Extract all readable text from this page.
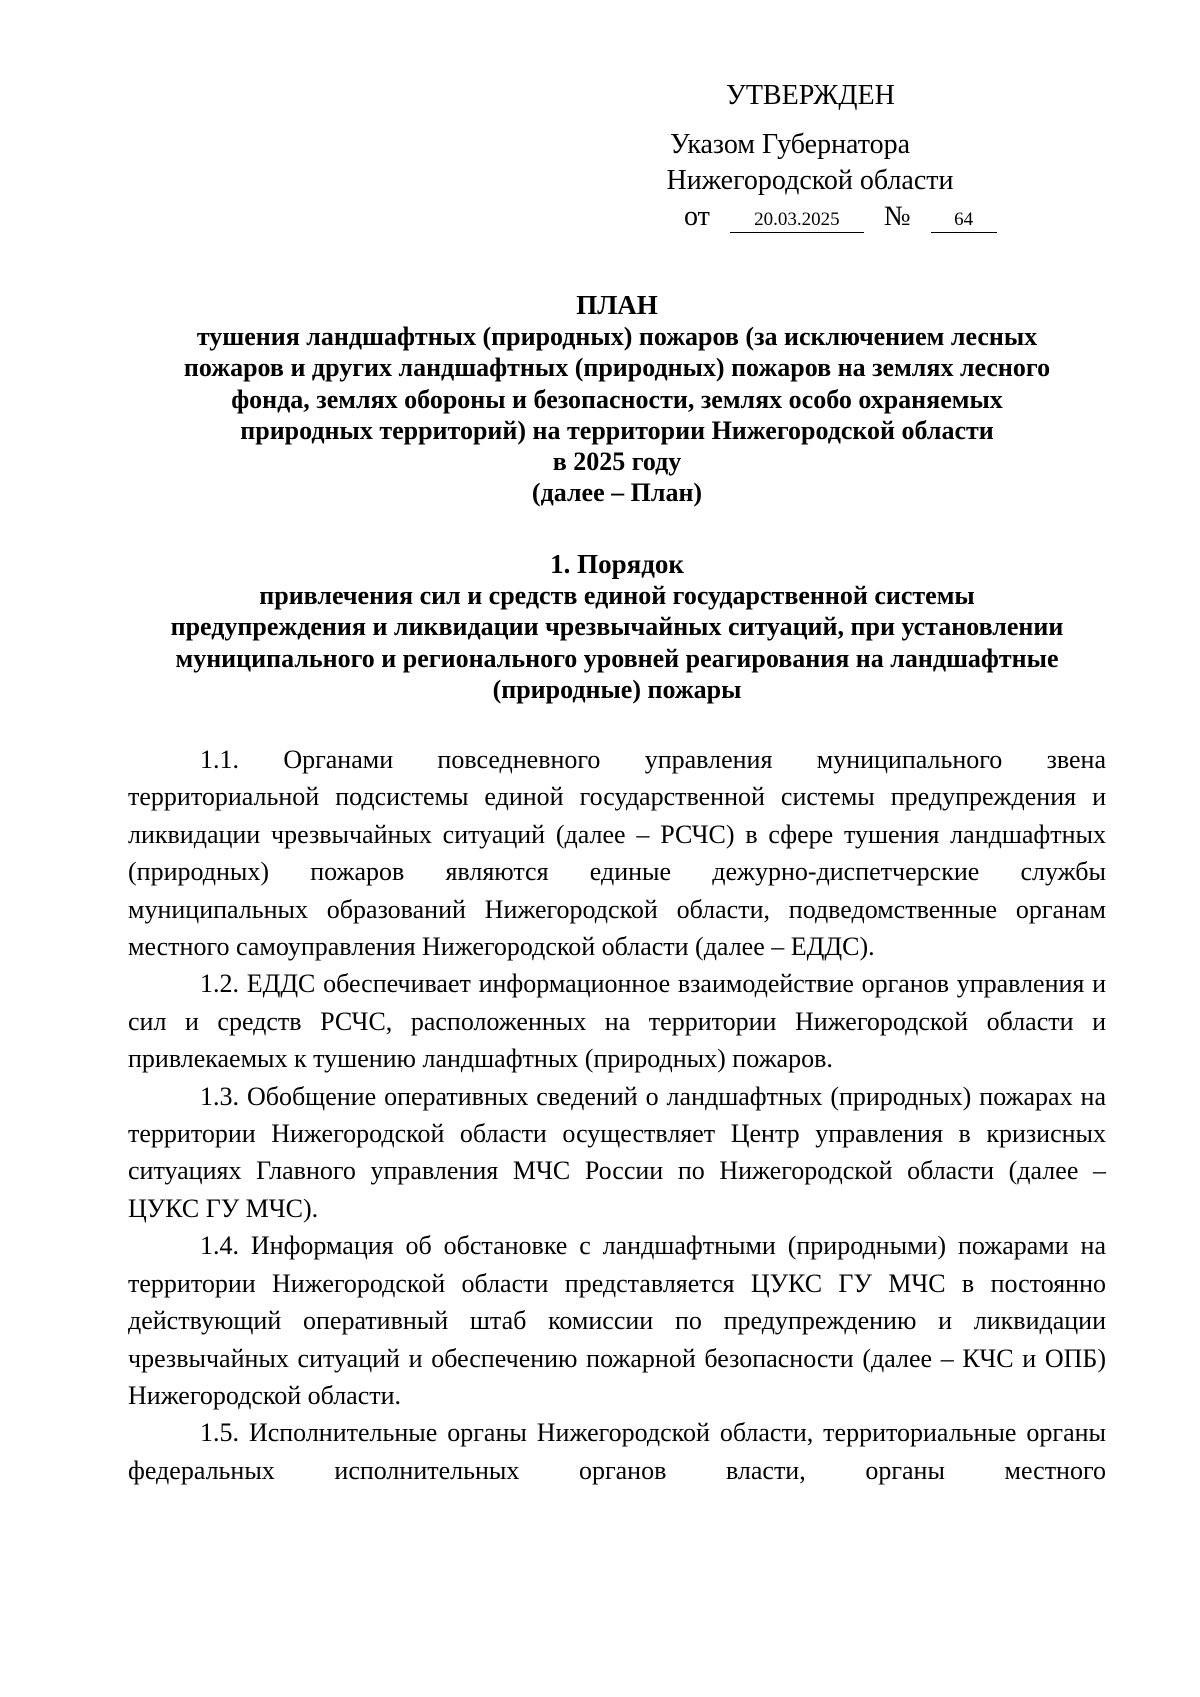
УТВЕРЖДЕН
Указом Губернатора
Нижегородской области
от 20.03.2025 № 64
ПЛАН
тушения ландшафтных (природных) пожаров (за исключением лесных
пожаров и других ландшафтных (природных) пожаров на землях лесного
фонда, землях обороны и безопасности, землях особо охраняемых
природных территорий) на территории Нижегородской области
в 2025 году
(далее – План)
1. Порядок
привлечения сил и средств единой государственной системы
предупреждения и ликвидации чрезвычайных ситуаций, при установлении
муниципального и регионального уровней реагирования на ландшафтные
(природные) пожары

1.1. Органами повседневного управления муниципального звена территориальной подсистемы единой государственной системы предупреждения и ликвидации чрезвычайных ситуаций (далее – РСЧС) в сфере тушения ландшафтных (природных) пожаров являются единые дежурно-диспетчерские службы муниципальных образований Нижегородской области, подведомственные органам местного самоуправления Нижегородской области (далее – ЕДДС).

1.2. ЕДДС обеспечивает информационное взаимодействие органов управления и сил и средств РСЧС, расположенных на территории Нижегородской области и привлекаемых к тушению ландшафтных (природных) пожаров.

1.3. Обобщение оперативных сведений о ландшафтных (природных) пожарах на территории Нижегородской области осуществляет Центр управления в кризисных ситуациях Главного управления МЧС России по Нижегородской области (далее – ЦУКС ГУ МЧС).

1.4. Информация об обстановке с ландшафтными (природными) пожарами на территории Нижегородской области представляется ЦУКС ГУ МЧС в постоянно действующий оперативный штаб комиссии по предупреждению и ликвидации чрезвычайных ситуаций и обеспечению пожарной безопасности (далее – КЧС и ОПБ) Нижегородской области.

1.5. Исполнительные органы Нижегородской области, территориальные органы федеральных исполнительных органов власти, органы местного
